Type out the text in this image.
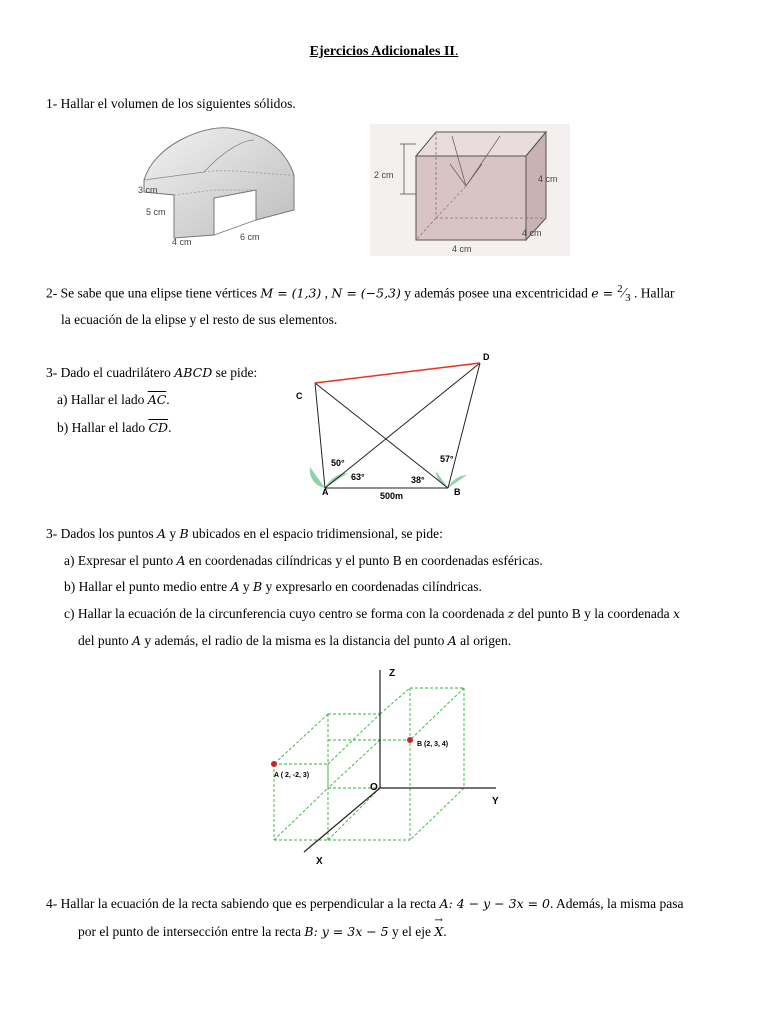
Ejercicios Adicionales II.
1- Hallar el volumen de los siguientes sólidos.
3 cm
5 cm
4 cm	6 cm
2 cm	4 cm
4 cm
4 cm
2- Se sabe que una elipse tiene vértices M = (1,3) , N = (−5,3) y además posee una excentricidad $e = ^2⁄_3$ . Hallar
la ecuación de la elipse y el resto de sus elementos.
3- Dado el cuadrilátero ABCD se pide:
a) Hallar el lado $\overline{AC}$.
b) Hallar el lado $\overline{CD}$.
D
C
A	B
50°
63°
57°
38°
500m
3- Dados los puntos A y B ubicados en el espacio tridimensional, se pide:
a) Expresar el punto A en coordenadas cilíndricas y el punto B en coordenadas esféricas.
b) Hallar el punto medio entre A y B y expresarlo en coordenadas cilíndricas.
c) Hallar la ecuación de la circunferencia cuyo centro se forma con la coordenada z del punto B y la coordenada x
del punto A y además, el radio de la misma es la distancia del punto A al origen.
Z
Y
X
O
A ( 2, -2, 3)
B (2, 3, 4)
4- Hallar la ecuación de la recta sabiendo que es perpendicular a la recta A: 4 − y − 3x = 0. Además, la misma pasa
por el punto de intersección entre la recta B: y = 3x − 5 y el eje
→
X.
